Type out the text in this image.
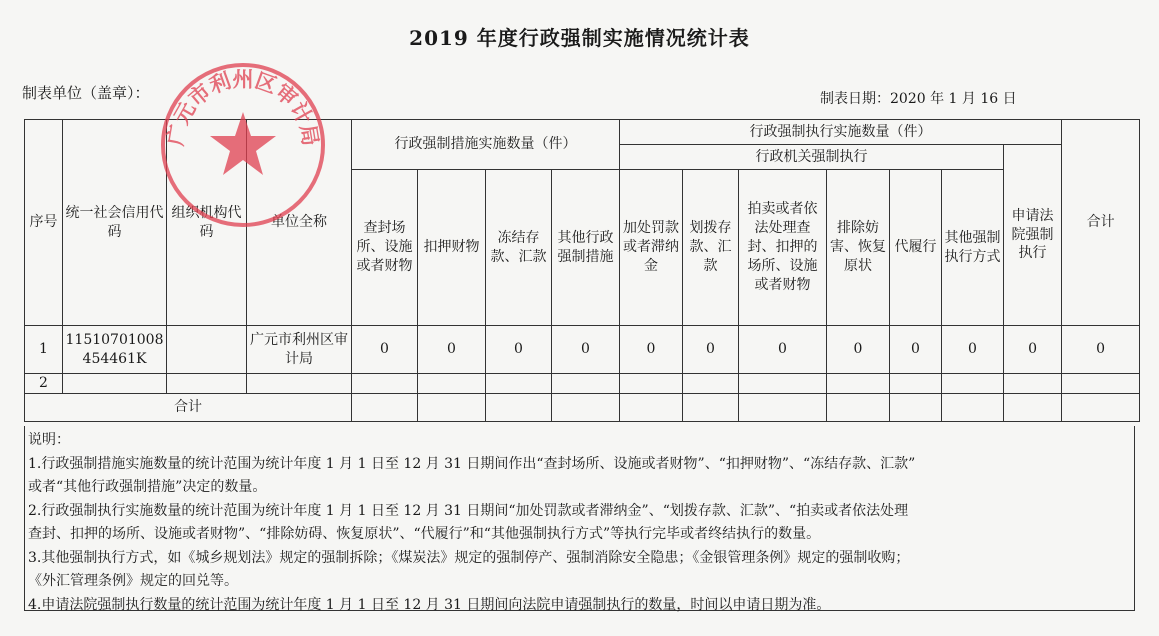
2019 年度行政强制实施情况统计表
制表单位（盖章）：	制表日期：2020 年 1 月 16 日
序号	统一社会信用代码	组织机构代码	单位全称	行政强制措施实施数量（件）				行政强制执行实施数量（件）							合计
								行政机关强制执行						申请法院强制执行	
				查封场所、设施或者财物	扣押财物	冻结存款、汇款	其他行政强制措施	加处罚款或者滞纳金	划拨存款、汇款	拍卖或者依法处理查封、扣押的场所、设施或者财物	排除妨害、恢复原状	代履行	其他强制执行方式		
1	11510701008454461K		广元市利州区审计局	0	0	0	0	0	0	0	0	0	0	0	0
2															
合计															
说明：
1.行政强制措施实施数量的统计范围为统计年度 1 月 1 日至 12 月 31 日期间作出“查封场所、设施或者财物”、“扣押财物”、“冻结存款、汇款”
或者“其他行政强制措施”决定的数量。
2.行政强制执行实施数量的统计范围为统计年度 1 月 1 日至 12 月 31 日期间“加处罚款或者滞纳金”、“划拨存款、汇款”、“拍卖或者依法处理
查封、扣押的场所、设施或者财物”、“排除妨碍、恢复原状”、“代履行”和“其他强制执行方式”等执行完毕或者终结执行的数量。
3.其他强制执行方式，如《城乡规划法》规定的强制拆除；《煤炭法》规定的强制停产、强制消除安全隐患；《金银管理条例》规定的强制收购；
《外汇管理条例》规定的回兑等。
4.申请法院强制执行数量的统计范围为统计年度 1 月 1 日至 12 月 31 日期间向法院申请强制执行的数量，时间以申请日期为准。
广元市利州区审计局
